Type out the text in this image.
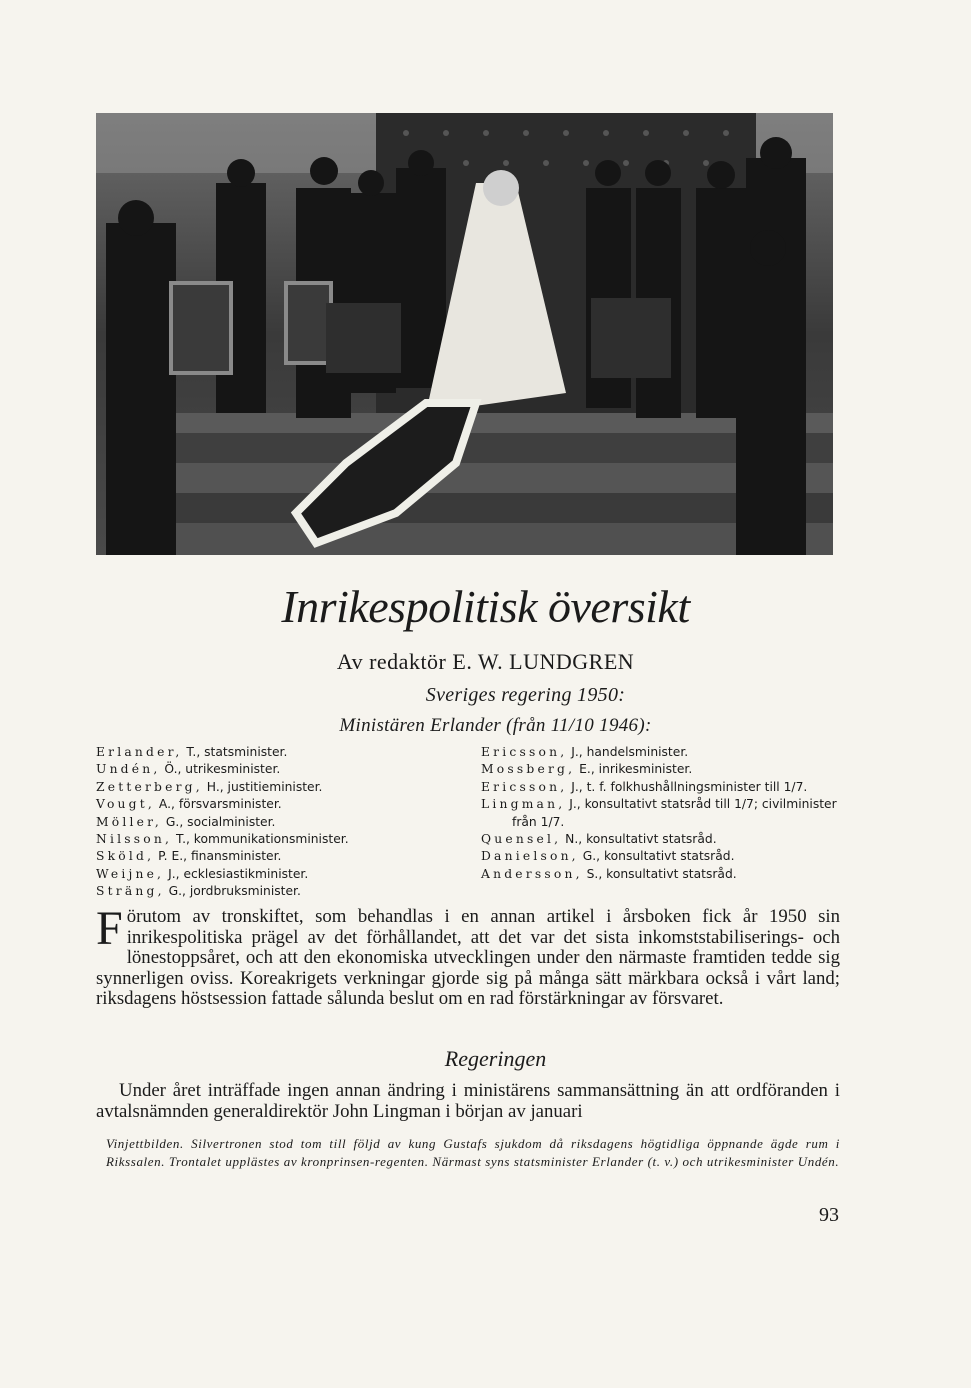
Inrikespolitisk översikt
Av redaktör E. W. LUNDGREN
Sveriges regering 1950:
Ministären Erlander (från 11/10 1946):

Erlander, T., statsminister.

Undén, Ö., utrikesminister.

Zetterberg, H., justitieminister.

Vougt, A., försvarsminister.

Möller, G., socialminister.

Nilsson, T., kommunikationsminister.

Sköld, P. E., finansminister.

Weijne, J., ecklesiastikminister.

Sträng, G., jordbruksminister.

Ericsson, J., handelsminister.

Mossberg, E., inrikesminister.

Ericsson, J., t. f. folkhushållningsminister till 1/7.

Lingman, J., konsultativt statsråd till 1/7; civilminister från 1/7.

Quensel, N., konsultativt statsråd.

Danielson, G., konsultativt statsråd.

Andersson, S., konsultativt statsråd.

Förutom av tronskiftet, som behandlas i en annan artikel i årsboken fick år 1950 sin inrikespolitiska prägel av det förhållandet, att det var det sista inkomststabiliserings- och lönestoppsåret, och att den ekonomiska utvecklingen under den närmaste framtiden tedde sig synnerligen oviss. Koreakrigets verkningar gjorde sig på många sätt märkbara också i vårt land; riksdagens höstsession fattade sålunda beslut om en rad förstärkningar av försvaret.
Regeringen
Under året inträffade ingen annan ändring i ministärens sammansättning än att ordföranden i avtalsnämnden generaldirektör John Lingman i början av januari
Vinjettbilden. Silvertronen stod tom till följd av kung Gustafs sjukdom då riksdagens högtidliga öppnande ägde rum i Rikssalen. Trontalet upplästes av kronprinsen-regenten. Närmast syns statsminister Erlander (t. v.) och utrikesminister Undén.
93
